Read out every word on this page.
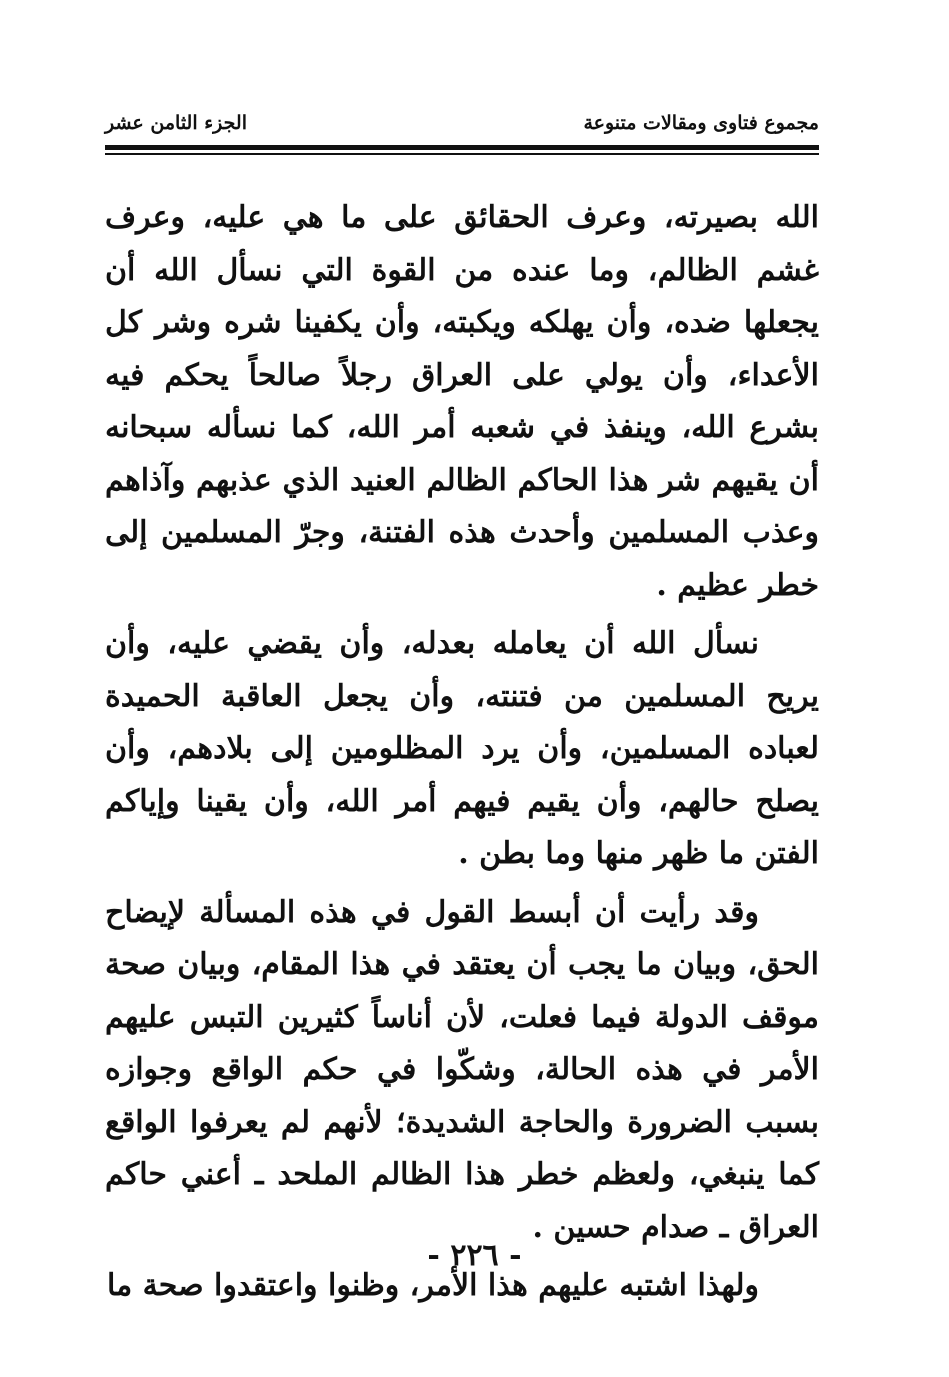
مجموع فتاوى ومقالات متنوعة
الجزء الثامن عشر

الله بصيرته، وعرف الحقائق على ما هي عليه، وعرف غشم الظالم، وما عنده من القوة التي نسأل الله أن يجعلها ضده، وأن يهلكه ويكبته، وأن يكفينا شره وشر كل الأعداء، وأن يولي على العراق رجلاً صالحاً يحكم فيه بشرع الله، وينفذ في شعبه أمر الله، كما نسأله سبحانه أن يقيهم شر هذا الحاكم الظالم العنيد الذي عذبهم وآذاهم وعذب المسلمين وأحدث هذه الفتنة، وجرّ المسلمين إلى خطر عظيم .

نسأل الله أن يعامله بعدله، وأن يقضي عليه، وأن يريح المسلمين من فتنته، وأن يجعل العاقبة الحميدة لعباده المسلمين، وأن يرد المظلومين إلى بلادهم، وأن يصلح حالهم، وأن يقيم فيهم أمر الله، وأن يقينا وإياكم الفتن ما ظهر منها وما بطن .

وقد رأيت أن أبسط القول في هذه المسألة لإيضاح الحق، وبيان ما يجب أن يعتقد في هذا المقام، وبيان صحة موقف الدولة فيما فعلت، لأن أناساً كثيرين التبس عليهم الأمر في هذه الحالة، وشكّوا في حكم الواقع وجوازه بسبب الضرورة والحاجة الشديدة؛ لأنهم لم يعرفوا الواقع كما ينبغي، ولعظم خطر هذا الظالم الملحد ـ أعني حاكم العراق ـ صدام حسين .

ولهذا اشتبه عليهم هذا الأمر، وظنوا واعتقدوا صحة ما

- ٢٢٦ -
